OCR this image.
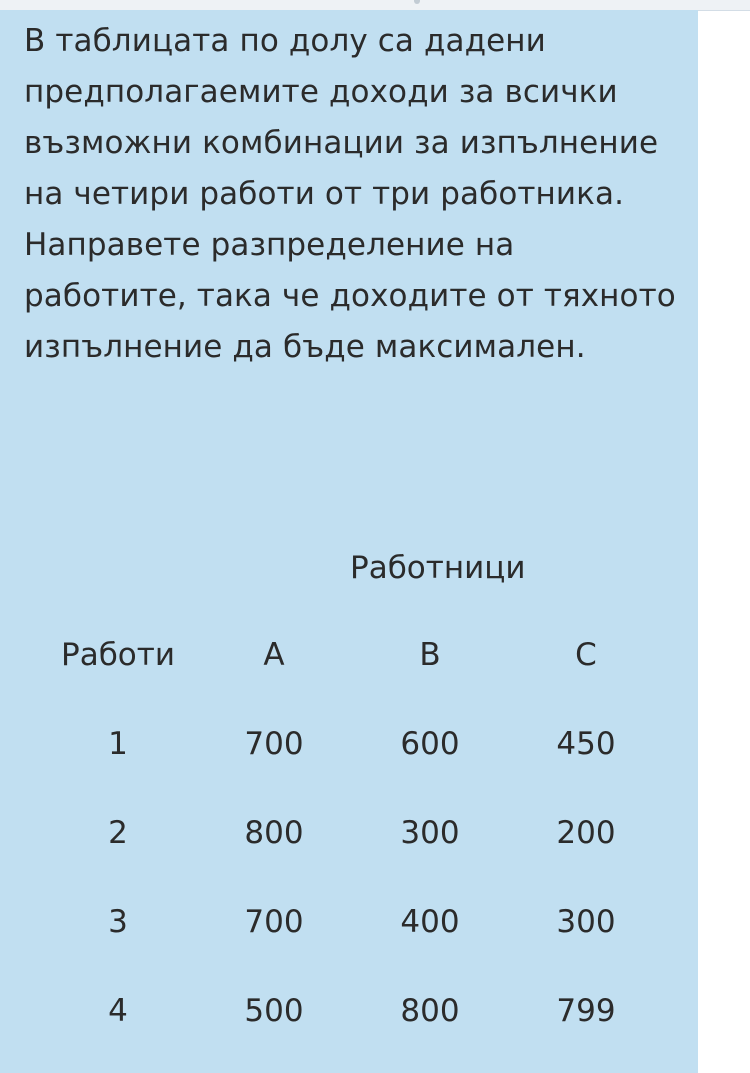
В таблицата по долу са дадени предполагаемите доходи за всички възможни комбинации за изпълнение на четири работи от три работника. Направете разпределение на работите, така че доходите от тяхното изпълнение да бъде максимален.

Работници
Работи	A	B	C
1	700	600	450
2	800	300	200
3	700	400	300
4	500	800	799
